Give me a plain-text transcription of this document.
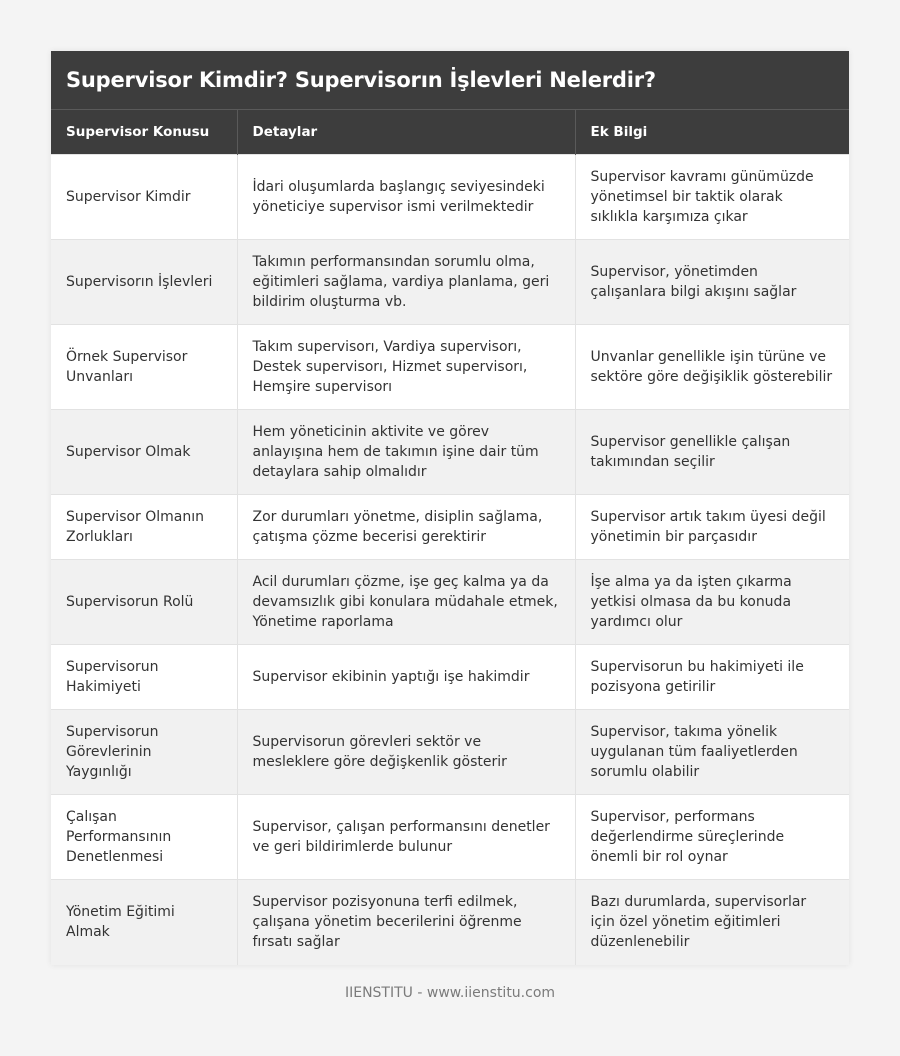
Supervisor Kimdir? Supervisorın İşlevleri Nelerdir?
Supervisor Konusu	Detaylar	Ek Bilgi
Supervisor Kimdir	İdari oluşumlarda başlangıç seviyesindeki yöneticiye supervisor ismi verilmektedir	Supervisor kavramı günümüzde yönetimsel bir taktik olarak sıklıkla karşımıza çıkar
Supervisorın İşlevleri	Takımın performansından sorumlu olma, eğitimleri sağlama, vardiya planlama, geri bildirim oluşturma vb.	Supervisor, yönetimden çalışanlara bilgi akışını sağlar
Örnek Supervisor Unvanları	Takım supervisorı, Vardiya supervisorı, Destek supervisorı, Hizmet supervisorı, Hemşire supervisorı	Unvanlar genellikle işin türüne ve sektöre göre değişiklik gösterebilir
Supervisor Olmak	Hem yöneticinin aktivite ve görev anlayışına hem de takımın işine dair tüm detaylara sahip olmalıdır	Supervisor genellikle çalışan takımından seçilir
Supervisor Olmanın Zorlukları	Zor durumları yönetme, disiplin sağlama, çatışma çözme becerisi gerektirir	Supervisor artık takım üyesi değil yönetimin bir parçasıdır
Supervisorun Rolü	Acil durumları çözme, işe geç kalma ya da devamsızlık gibi konulara müdahale etmek, Yönetime raporlama	İşe alma ya da işten çıkarma yetkisi olmasa da bu konuda yardımcı olur
Supervisorun Hakimiyeti	Supervisor ekibinin yaptığı işe hakimdir	Supervisorun bu hakimiyeti ile pozisyona getirilir
Supervisorun Görevlerinin Yaygınlığı	Supervisorun görevleri sektör ve mesleklere göre değişkenlik gösterir	Supervisor, takıma yönelik uygulanan tüm faaliyetlerden sorumlu olabilir
Çalışan Performansının Denetlenmesi	Supervisor, çalışan performansını denetler ve geri bildirimlerde bulunur	Supervisor, performans değerlendirme süreçlerinde önemli bir rol oynar
Yönetim Eğitimi Almak	Supervisor pozisyonuna terfi edilmek, çalışana yönetim becerilerini öğrenme fırsatı sağlar	Bazı durumlarda, supervisorlar için özel yönetim eğitimleri düzenlenebilir
IIENSTITU - www.iienstitu.com
